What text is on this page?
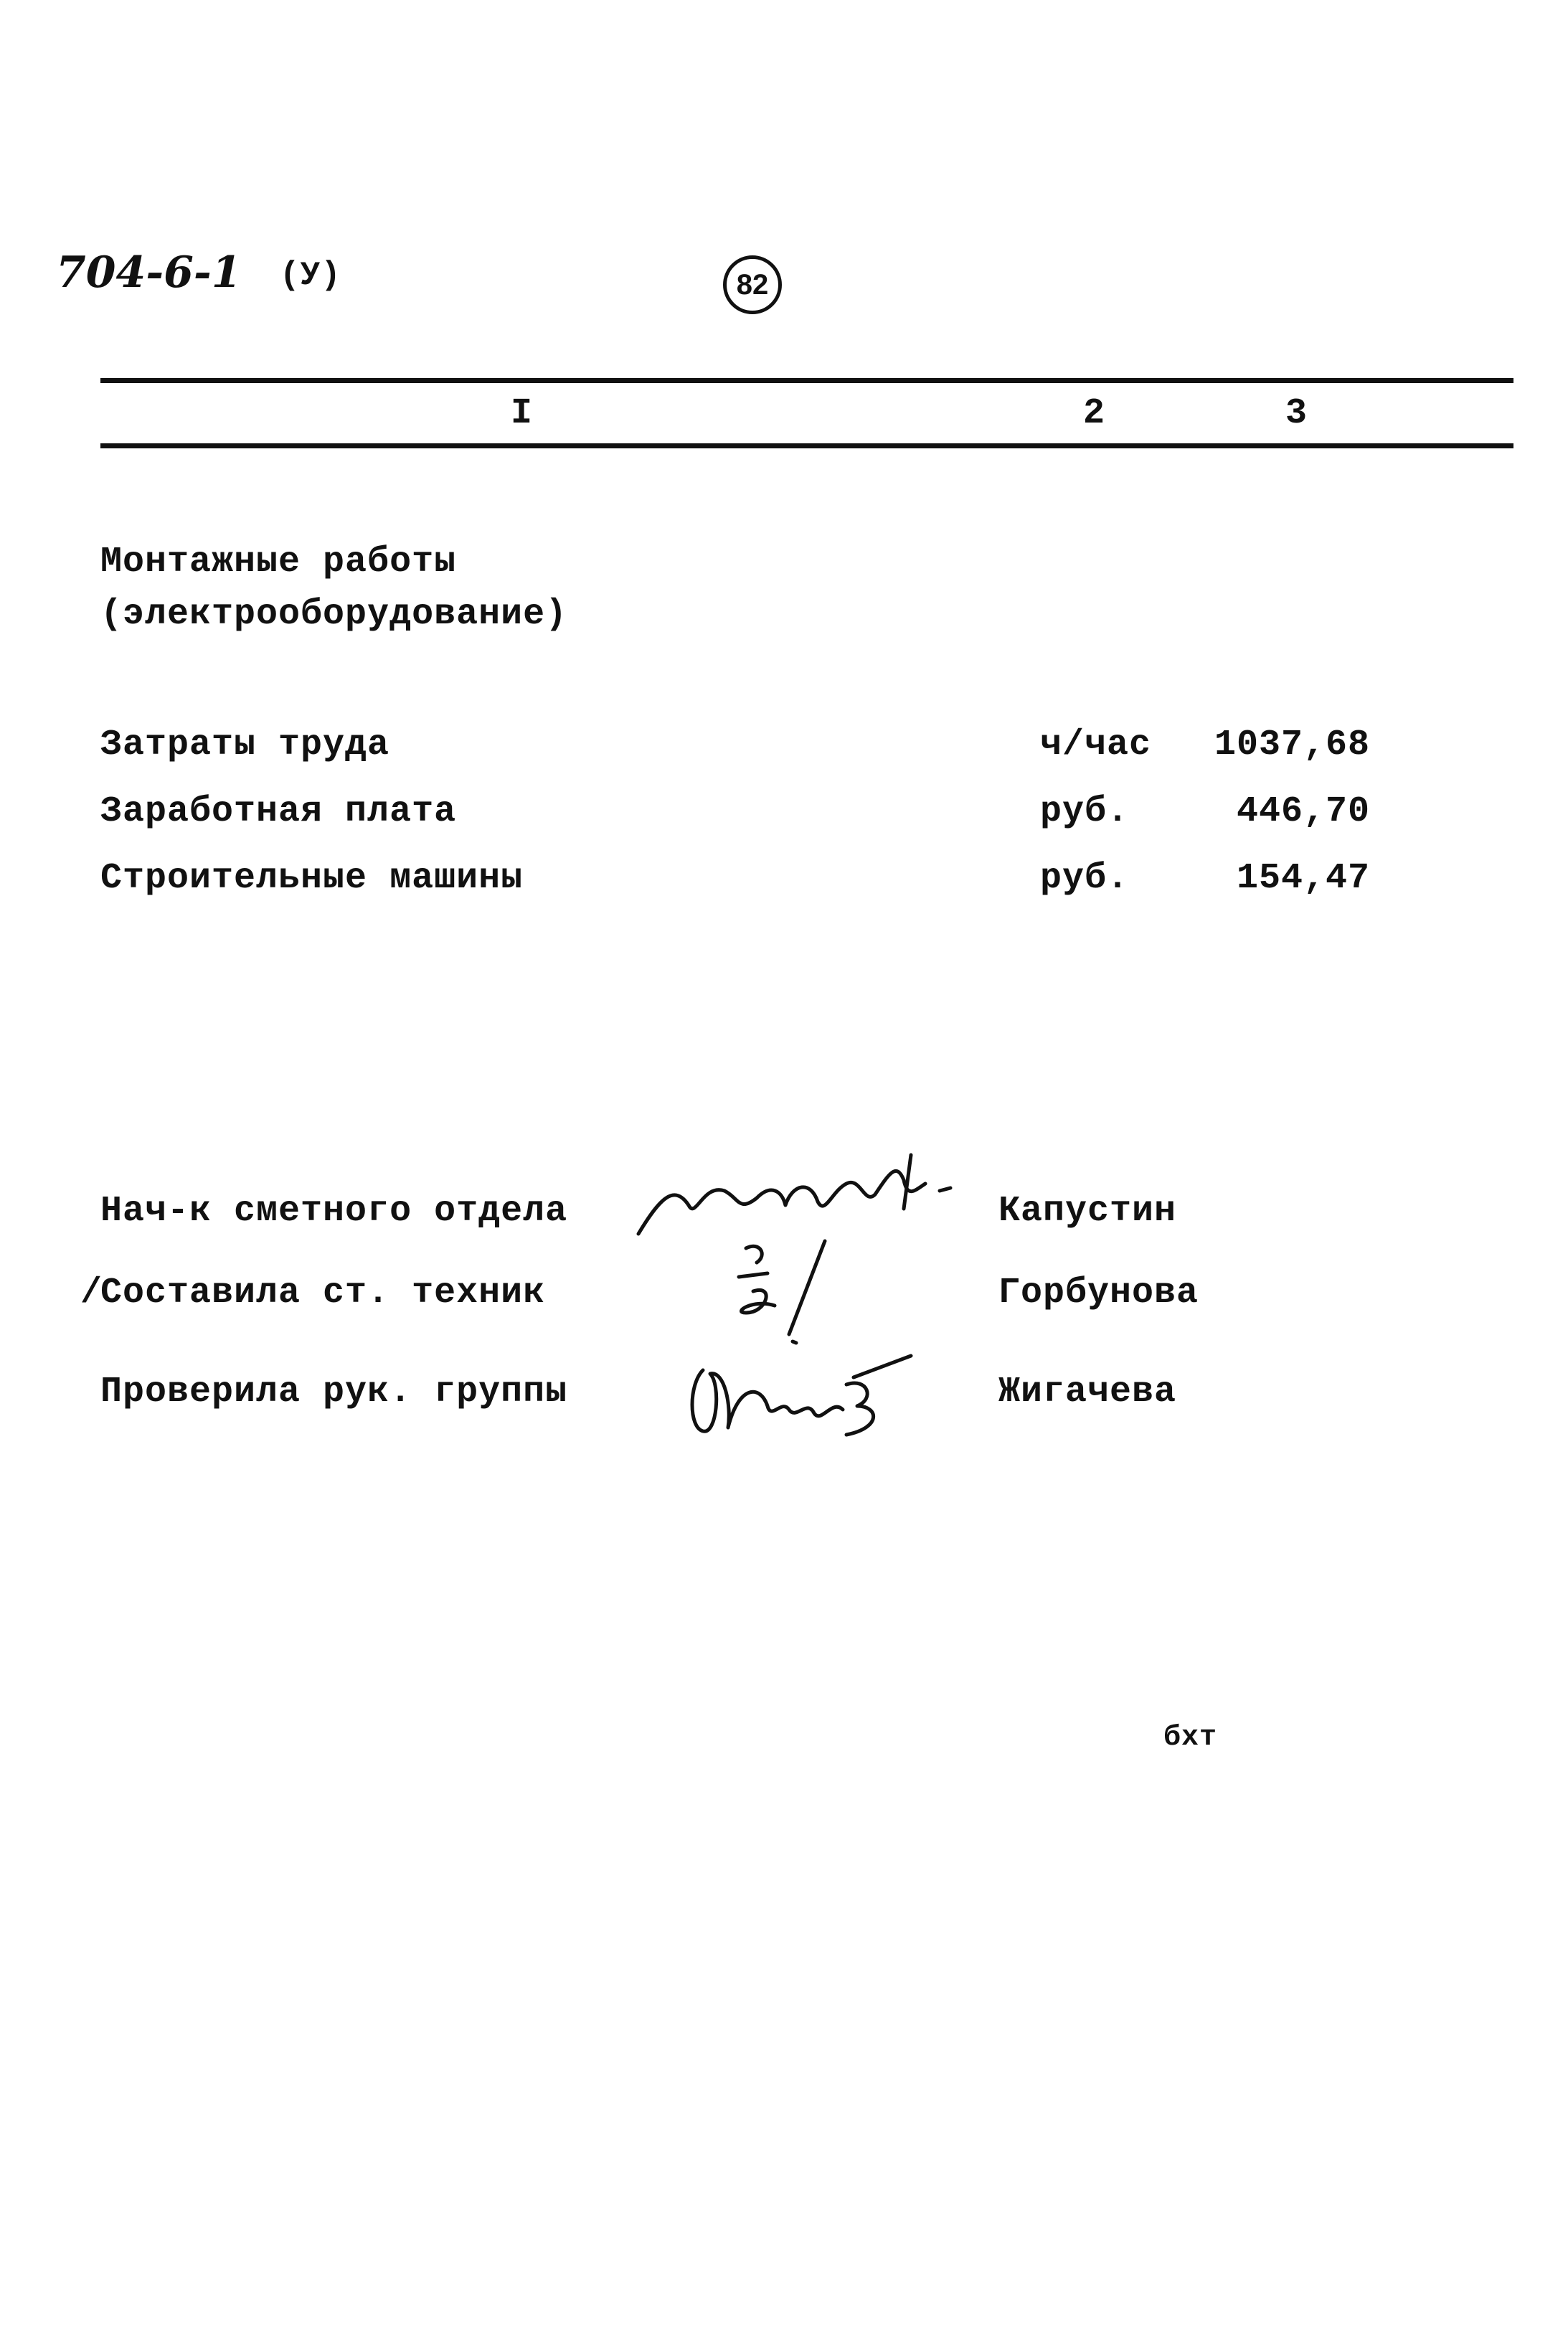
704-6-1 (У)	82
I	2	3
Монтажные работы
(электрооборудование)
Затраты труда	ч/час	1037,68
Заработная плата	руб.	446,70
Строительные машины	руб.	154,47
Нач-к сметного отдела	Капустин
/
Составила ст. техник	Горбунова
Проверила рук. группы	Жигачева
бхт
